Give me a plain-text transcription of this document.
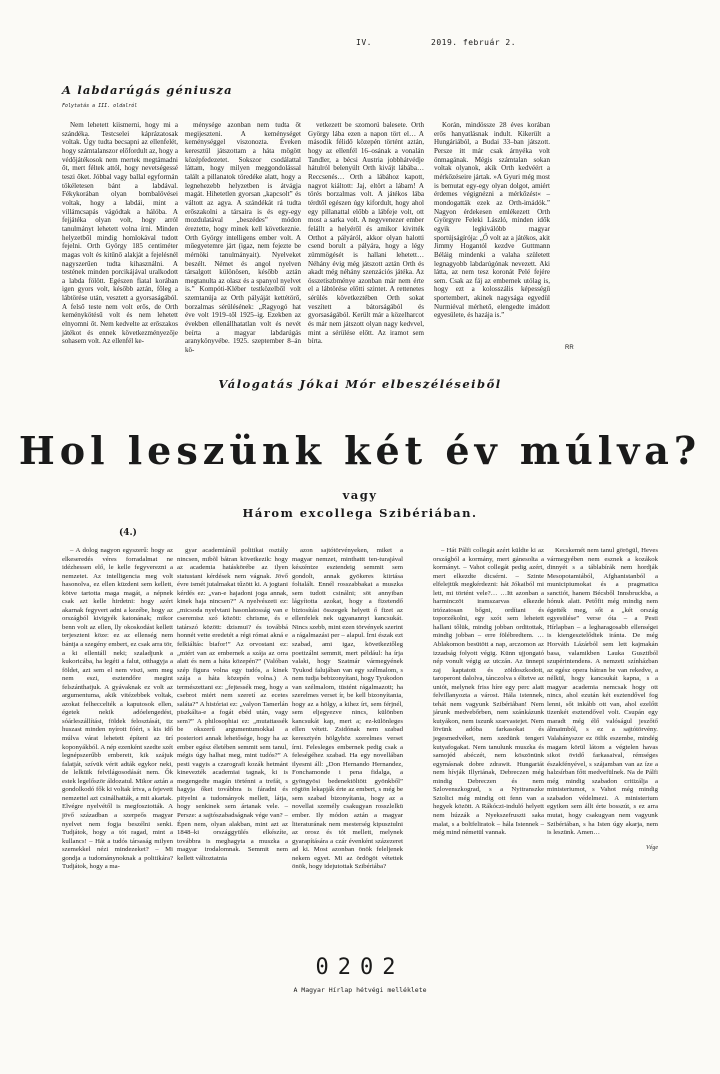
IV.	2019. február 2.
A labdarúgás géniusza
Folytatás a III. oldalról

Nem lehetett kiismerni, hogy mi a szándéka. Testcselei káprázatosak voltak. Úgy tudta becsapni az ellenfelét, hogy számtalanszor előfordult az, hogy a védőjátékosok nem mertek megtámadni őt, mert féltek attól, hogy nevetségessé teszi őket. Jóbbal vagy ballal egyformán tökéletesen bánt a labdával. Fékykorában olyan bombalövései voltak, hogy a labdái, mint a villámcsapás vágódtak a hálóba. A fejjátéka olyan volt, hogy arról tanulmányt lehetett volna írni. Minden helyzetből mindig homlokával tudott fejelni. Orth György 185 centiméter magas volt és kitűnő alakját a fejelésnél nagyszerűen tudta kihasználni. A testének minden porcikájával uralkodott a labda fölött. Egészen fiatal korában igen gyors volt, később aztán, főleg a lábtörése után, vesztett a gyorsaságából. A felső teste nem volt erős, de Orth keménykötésű volt és nem lehetett elnyomni őt. Nem kedvelte az erőszakos játékot és ennek következményezője sohasem volt. Az ellenfél ke-

ménysége azonban nem tudta őt megijeszteni. A keménységet keménységgel viszonozta. Éveken keresztül játszottam a háta mögött középfedezetet. Sokszor csodálattal láttam, hogy milyen meggondolással talált a pillanatok töredéke alatt, hogy a legnehezebb helyzetben is átvágja magát. Hihetetlen gyorsan „kapcsolt” és váltott az agya. A szándékát rá tudta erőszakolni a társaira is és egy-egy mozdulatával „beszédes” módon éreztette, hogy minek kell következnie. Orth György intelligens ember volt. A műegyetemre járt (igaz, nem fejezte be mérnöki tanulmányait). Nyelveket beszélt. Német és angol nyelven társalgott különösen, később aztán megtanulta az olasz és a spanyol nyelvet is.” Kompóti-Kléber testközelből volt szemtanúja az Orth pályáját kettétörő, borzalmas sérülésének: „Ragyogó hat éve volt 1919–től 1925–ig. Ezekben az években ellenállhatatlan volt és nevét beírta a magyar labdarúgás aranykönyvébe. 1925. szeptember 8–án kö-

vetkezett be szomorú balesete. Orth György lába ezen a napon tört el… A második félidő közepén történt aztán, hogy az ellenfél 16–osának a vonalán Tandler, a bécsi Austria jobbhátvédje hátulról belenyúlt Orth kivájt lábába… Reccsenés… Orth a lábához kapott, nagyot kiáltott: Jaj, eltört a lábam! A törés borzalmas volt. A játékos lába térdtől egészen úgy kifordult, hogy ahol egy pillanattal előbb a lábfeje volt, ott most a sarka volt. A negyvenezer ember felállt a helyéről és amikor kivitték Orthot a pályáról, akkor olyan halotti csend borult a pályára, hogy a légy zümmögését is hallani lehetett… Néhány évig még játszott aztán Orth és akadt még néhány szenzációs játéka. Az összetiszbménye azonban már nem érte el a lábtörése előtti szintet. A rettenetes sérülés következtében Orth sokat veszített a bátorságából és gyorsaságából. Került már a közelharcot és már nem játszott olyan nagy kedvvel, mint a sérülése előtt. Az iramot sem bírta.

Korán, mindössze 28 éves korában erős hanyatlásnak indult. Kikerült a Hungáriából, a Budai 33–ban játszott. Persze itt már csak árnyéka volt önmagának. Mégis számtalan sokan voltak olyanok, akik Orth kedvéért a mérkőzéseire jártak. »A Gyuri még most is bemutat egy-egy olyan dolgot, amiért érdemes végignézni a mérkőzést« – mondogatták ezek az Orth-imádók.” Nagyon érdekesen emlékezett Orth Györgyre Feleki László, minden idők egyik legkiválóbb magyar sportújságírója: „Ő volt az a játékos, akit Jimmy Hogantól kezdve Guttmann Béláig mindenki a valaha született legnagyobb labdarúgónak nevezett. Aki látta, az nem tesz koronát Pelé fejére sem. Csak az fáj az embernek utólag is, hogy ezt a kolosszális képességű sportembert, akinek nagysága egyedül Nurmiéval mérhető, elengedte imádott egyesülete, és hazája is.”

RR
Válogatás Jókai Mór elbeszéléseiből
Hol leszünk két év múlva?
vagy
Három excollega Szibériában.
(4.)

– A dolog nagyon egyszerű: hogy az elkeseredés véres forradalmat ne idézhessen elő, le kelle fegyverezni a nemzetet. Az intelligencia meg volt hasonolva, ez ellen küzdeni sem kellett, kötve tartotta maga magát, a népnek csak azt kelle hirdetni: hogy azért akarnak fegyvert adni a kezébe, hogy az országból kivigyék katonának; mikor benn volt az ellen, lly okoskodást kellett terjeszteni köze: ez az ellenség nem bántja a szegény embert, ez csak arra tör, a ki ellentáll neki; szaladjunk a kukoricába, ha legéti a falut, otthagyja a földet, azt sem el nem viszi, sem meg nem eszi, esztendőre megint felszánthatjuk. A gyávaknak ez volt az argumentuma, akik vitézebbek voltak, azokat felheccelték a kaputosok ellen, égetek nekik adóelengedést, sóárleszállítást, földek felosztását, tiz huszast minden nyírott fóért, s kis idő múlva várat lehetett építeni az ürí koponyákból. A nép ezenként szedte szét legnépszerűbb embereit, kik szájuk falatját, szívük vérit adták egykor neki, de lelküik felvilágosodását nem. Ők estek legelőször áldozatul. Mikor aztán a gondolkodó fők ki voltak írtva, a fejevett nemzettel azt csinálhatták, a mit akartak. Elvégre nyelvétől is megfosztották. A jövő században a szerpeős magyar nyelvet nem fogja beszélni senki. Tudjátok, hogy a tót ragad, mint a kullancs! – Hát a tudós társaság milyen szemekkel nézi mindezeket? – Mi gondja a tudománynoknak a politikára? Tudjátok, hogy a ma-

gyar academiánál politikai osztály nincsen, mibõl bátran következik: hogy az academia hatáskörébe az ilyen statustani kérdések nem vágnak. Jövő évre ismét jutalmakat tűzött ki. A jogtani kérdés ez: „van-e hajadoni joga annak, kinek haja nincsen?” A nyelvészeti ez: „micsoda nyelvtani hasonlatosság van e cseremisz szó között: chrisme, és e tatárszó között: dzismui? és továbbá honnét vette eredetét a régi római akná e felkiáltás: biafor!” Az orvostani ez: „miért van az embernek a szája az orra alatt és nem a háta közepén?” (Valóban szép figura volna egy tudós, a kinek szája a háta közepén volna.) A természettani ez: „fejtessék meg, hogy a csebrot miért nem szeretí az ecetes saláta?” A históriai ez: „valyon Tamerlán piszkálta-e a fogát ebéd után, vagy sem?” A philosophiai ez: „mutattassék be okszerű argumentumokkal a posteriori annak lehetősége, hogy ha az ember egész életében semmit sem tanul, mégis úgy halhat meg, mint tudós?” A pesti vagyis a czarografi kozák hetmánt kinevezték academiai tagnak, ki is megengedte magán történni a trefát, s hagyja őket továbbra is fáradni és pityelni a tudományok mellett, látja, hogy senkinek sem ártanak vele. – Persze: a sajtószabadságnak vége van? – Épen nem, olyan alakban, mint azt az 1848–ki országgyülés elkészíte, továbbra is meghagyta a muszka a magyar irodalomnak. Semmit nem kellett változtatnia

azon sajtótörvényeken, miket a magyar nemzet, minthattt ten-turajával készéntze esztendeig semmit sem gondolt, annak gyökeres kiirtása foltalált. Ennél rosszabbakat a muszka sem tudott csinálni; söt annyiban lágyította azokat, hogy a fizetendő biztosítási összegek helyett ő fizet az ellenfelek nek ugyanannyi kancsukát. Nincs szebb, mint ezen törvények szerint a rágalmazási per – alapul. Írni észak ezt szabad, ami igaz, következtőleg poetizálni semmit, mert például: ha írja valaki, hogy Szatmár vármegyének Tyukod falujában van egy szélmalom, s nem tudja bebizonyítani, hogy Tyukodon van szélmalom, tüstént rágalmazott; ha szerelmes verset ír, be kell bizonyítania, hogy az a hölgy, a kihez írt, sem férjnél, sem eljegyezve nincs, különben kancsukát kap, mert a; ez-különleges ellen vétett. Zsidónak nem szabad keresztyén hölgyhöz szerelmes verset írni. Felesleges embernek pedig csak a feleségéhez szabad. Ha egy novellában ilyesmi áll: „Don Hernando Hernandez, Fonchamonde i pena fidalga, a gyöngyösi bedenektöltött gyönkből” rögtön lekapják érte az embert, s még be sem szabad bizonyítania, hogy az a novellai személy csakugyan rosszlelkü ember. Ily módon aztán a magyar literaturának nem mesterség kipusztulni az orosz és tót mellett, melynek gyarapítására a czár évenként százezeret ad ki. Most azonban önök feleljenek nekem egyet. Mi az ördögöt vétettek önök, hogy idejutottak Szibériába?

– Hát Pálfi collegát azért küldte ki az országból a kormány, mert gánesolta a kormányt. – Vahot collegát pedig azért, mert elkezdte dicsérni. – Szinte elfelejtük megkérdezni: hát Jókaiból mi lett, mi történt vele?… …Itt azonban a harminczöt iramszarvas elkezde irtózatosan bőgni, ordítani és toporzékolni, egy szót sem lehetett hallani tőlük, mindig jobban orditottak, mindig jobban – erre fölébredtem. …Ablakomon besütött a nap, arczomon az izzadság folyott végig. Künn ujjongató nép vonult végig az utczán. Az ünnepi zaj kaptatott és zöldoszkodott, taroperont dalolva, tánczolva s éltetve az uniót, melynek friss híre egy perc alatt felvillanyozta a várost. Hála istennek, tehát nem vagyunk Szibériában! Nem járunk medvebőrben, nem szánkázunk kutyákon, nem iszunk szarvastejet. Nem lövünk adóba farkasokat és jegesmedvéket, nem szedünk tengeri kutyafogakat. Nem tanulunk muszka és samojéd abéczét, nem köszönünk egymásnak dobre zdrawit. Hungariát nem hívják Illyriának, Debreczen még mindig Debreczen és nem Szlovenszkograd, s a Nyitranszke Sztolici még mindig ott fenn van a hegyek között. A Rákóczi-induló helyett nem húzzák a Nyekszefruszti saka malat, s a boltfeliratok – hála Istennek – még mind németül vannak.

Kecskemét nem tanul görögül, Heves vármegyében nem esznek a kozákok dinnyét s a táblabírák nem hordják Mesopotamiából, Afghanistanból a municipiumokat és a pragmatica sanctiót, hanem Bécsből Innsbruckba, a hónuk alatt. Petőfit még mindig nem égették meg, sőt a „két ország egyesülése” verse óta – a Pesti Hírlapban – a legharagosabb ellenségei is kiengesztelődtek iránta. De még Horváth Lázárból sem lett kajmakán basa, valamikben Lauka Gusztiból szupérintendens. A nemzeti színházban az egész opera bátran be van rekedve, a nélkül, hogy kancsukát kapna, s a magyar academia nemcsak hogy ott nincs, ahol ezután két esztendővel fog lenni, sőt inkább ott van, ahol ezelőtt tizenkét esztendővel volt. Csupán egy maradt még élő valóságul jeszőtő álmaimból, s ez a sajtótörvény. Valahányszor ez ötlik eszembe, mindég magam körül látom a végtelen havas sikot övidő farkasaival, rémséges északfényével, s szájamban van az íze a halzsírban főtt medvefülnek. Na de Pálfi még mindig szabadon critizálja a ministeriumot, s Vahot még mindig szabadon védelmezi. A ministerium egyiken sem állt érte bosszút, s ez arra mutat, hogy csakugyan nem vagyunk Szibériában, s ha Isten úgy akarja, nem is leszünk. Amen…

Vége
0202
A Magyar Hírlap hétvégi melléklete
